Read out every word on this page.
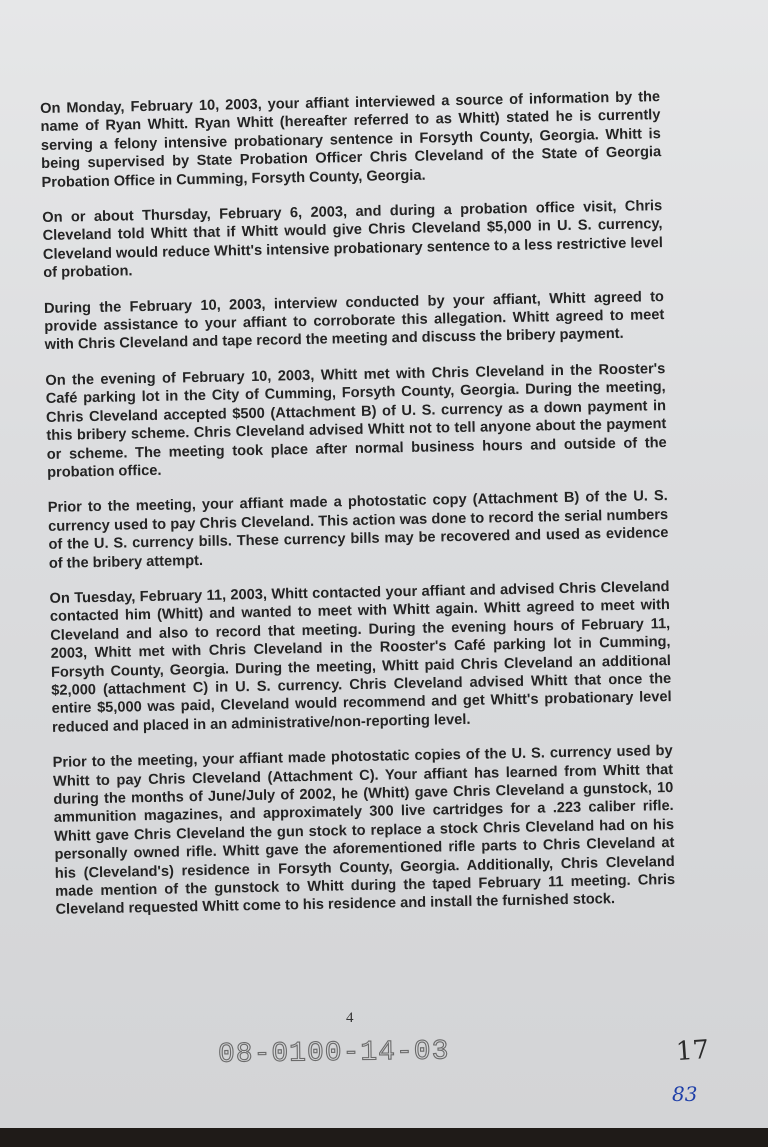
On Monday, February 10, 2003, your affiant interviewed a source of information by the name of Ryan Whitt. Ryan Whitt (hereafter referred to as Whitt) stated he is currently serving a felony intensive probationary sentence in Forsyth County, Georgia. Whitt is being supervised by State Probation Officer Chris Cleveland of the State of Georgia Probation Office in Cumming, Forsyth County, Georgia.

On or about Thursday, February 6, 2003, and during a probation office visit, Chris Cleveland told Whitt that if Whitt would give Chris Cleveland $5,000 in U. S. currency, Cleveland would reduce Whitt's intensive probationary sentence to a less restrictive level of probation.

During the February 10, 2003, interview conducted by your affiant, Whitt agreed to provide assistance to your affiant to corroborate this allegation. Whitt agreed to meet with Chris Cleveland and tape record the meeting and discuss the bribery payment.

On the evening of February 10, 2003, Whitt met with Chris Cleveland in the Rooster's Café parking lot in the City of Cumming, Forsyth County, Georgia. During the meeting, Chris Cleveland accepted $500 (Attachment B) of U. S. currency as a down payment in this bribery scheme. Chris Cleveland advised Whitt not to tell anyone about the payment or scheme. The meeting took place after normal business hours and outside of the probation office.

Prior to the meeting, your affiant made a photostatic copy (Attachment B) of the U. S. currency used to pay Chris Cleveland. This action was done to record the serial numbers of the U. S. currency bills. These currency bills may be recovered and used as evidence of the bribery attempt.

On Tuesday, February 11, 2003, Whitt contacted your affiant and advised Chris Cleveland contacted him (Whitt) and wanted to meet with Whitt again. Whitt agreed to meet with Cleveland and also to record that meeting. During the evening hours of February 11, 2003, Whitt met with Chris Cleveland in the Rooster's Café parking lot in Cumming, Forsyth County, Georgia. During the meeting, Whitt paid Chris Cleveland an additional $2,000 (attachment C) in U. S. currency. Chris Cleveland advised Whitt that once the entire $5,000 was paid, Cleveland would recommend and get Whitt's probationary level reduced and placed in an administrative/non-reporting level.

Prior to the meeting, your affiant made photostatic copies of the U. S. currency used by Whitt to pay Chris Cleveland (Attachment C). Your affiant has learned from Whitt that during the months of June/July of 2002, he (Whitt) gave Chris Cleveland a gunstock, 10 ammunition magazines, and approximately 300 live cartridges for a .223 caliber rifle. Whitt gave Chris Cleveland the gun stock to replace a stock Chris Cleveland had on his personally owned rifle. Whitt gave the aforementioned rifle parts to Chris Cleveland at his (Cleveland's) residence in Forsyth County, Georgia. Additionally, Chris Cleveland made mention of the gunstock to Whitt during the taped February 11 meeting. Chris Cleveland requested Whitt come to his residence and install the furnished stock.

4
08-0100-14-03	17
83
